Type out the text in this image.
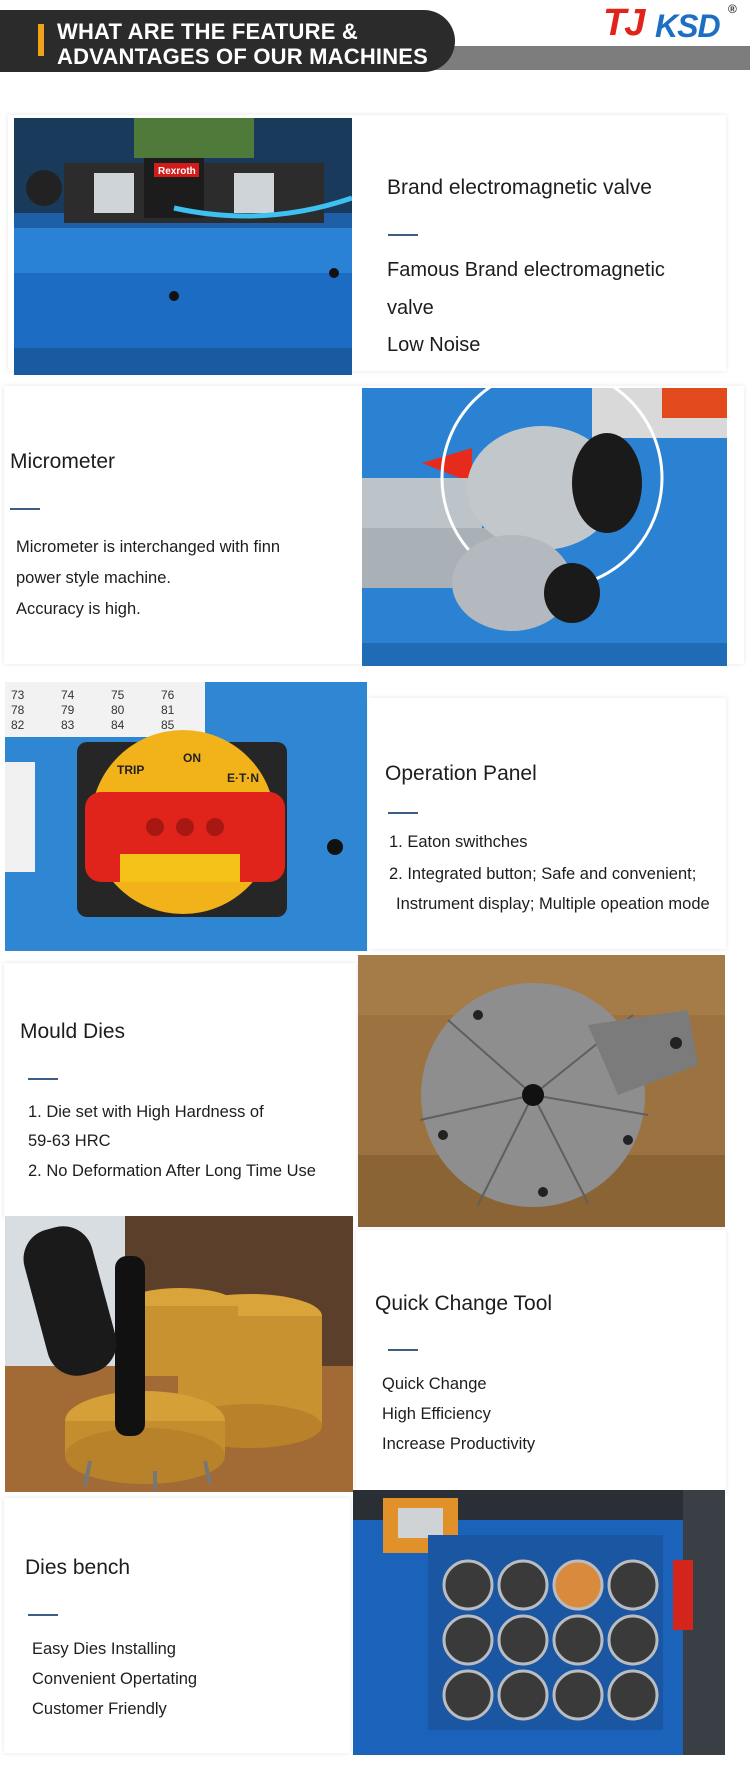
WHAT ARE THE FEATURE &
ADVANTAGES OF OUR MACHINES
TJ KSD ®
Rexroth
Brand electromagnetic valve
Famous Brand electromagnetic
valve
Low Noise
Micrometer
Micrometer is interchanged with finn
power style machine.
Accuracy is high.
73	74	75	76
78	79	80	81
82	83	84	85
TRIP
ON
E·T·N	Operation Panel
1. Eaton swithches
2. Integrated button; Safe and convenient;
Instrument display; Multiple opeation mode
Mould Dies
1. Die set with High Hardness of
59-63 HRC
2. No Deformation After Long Time Use
Quick Change Tool
Quick Change
High Efficiency
Increase Productivity
Dies bench
Easy Dies Installing
Convenient Opertating
Customer Friendly
